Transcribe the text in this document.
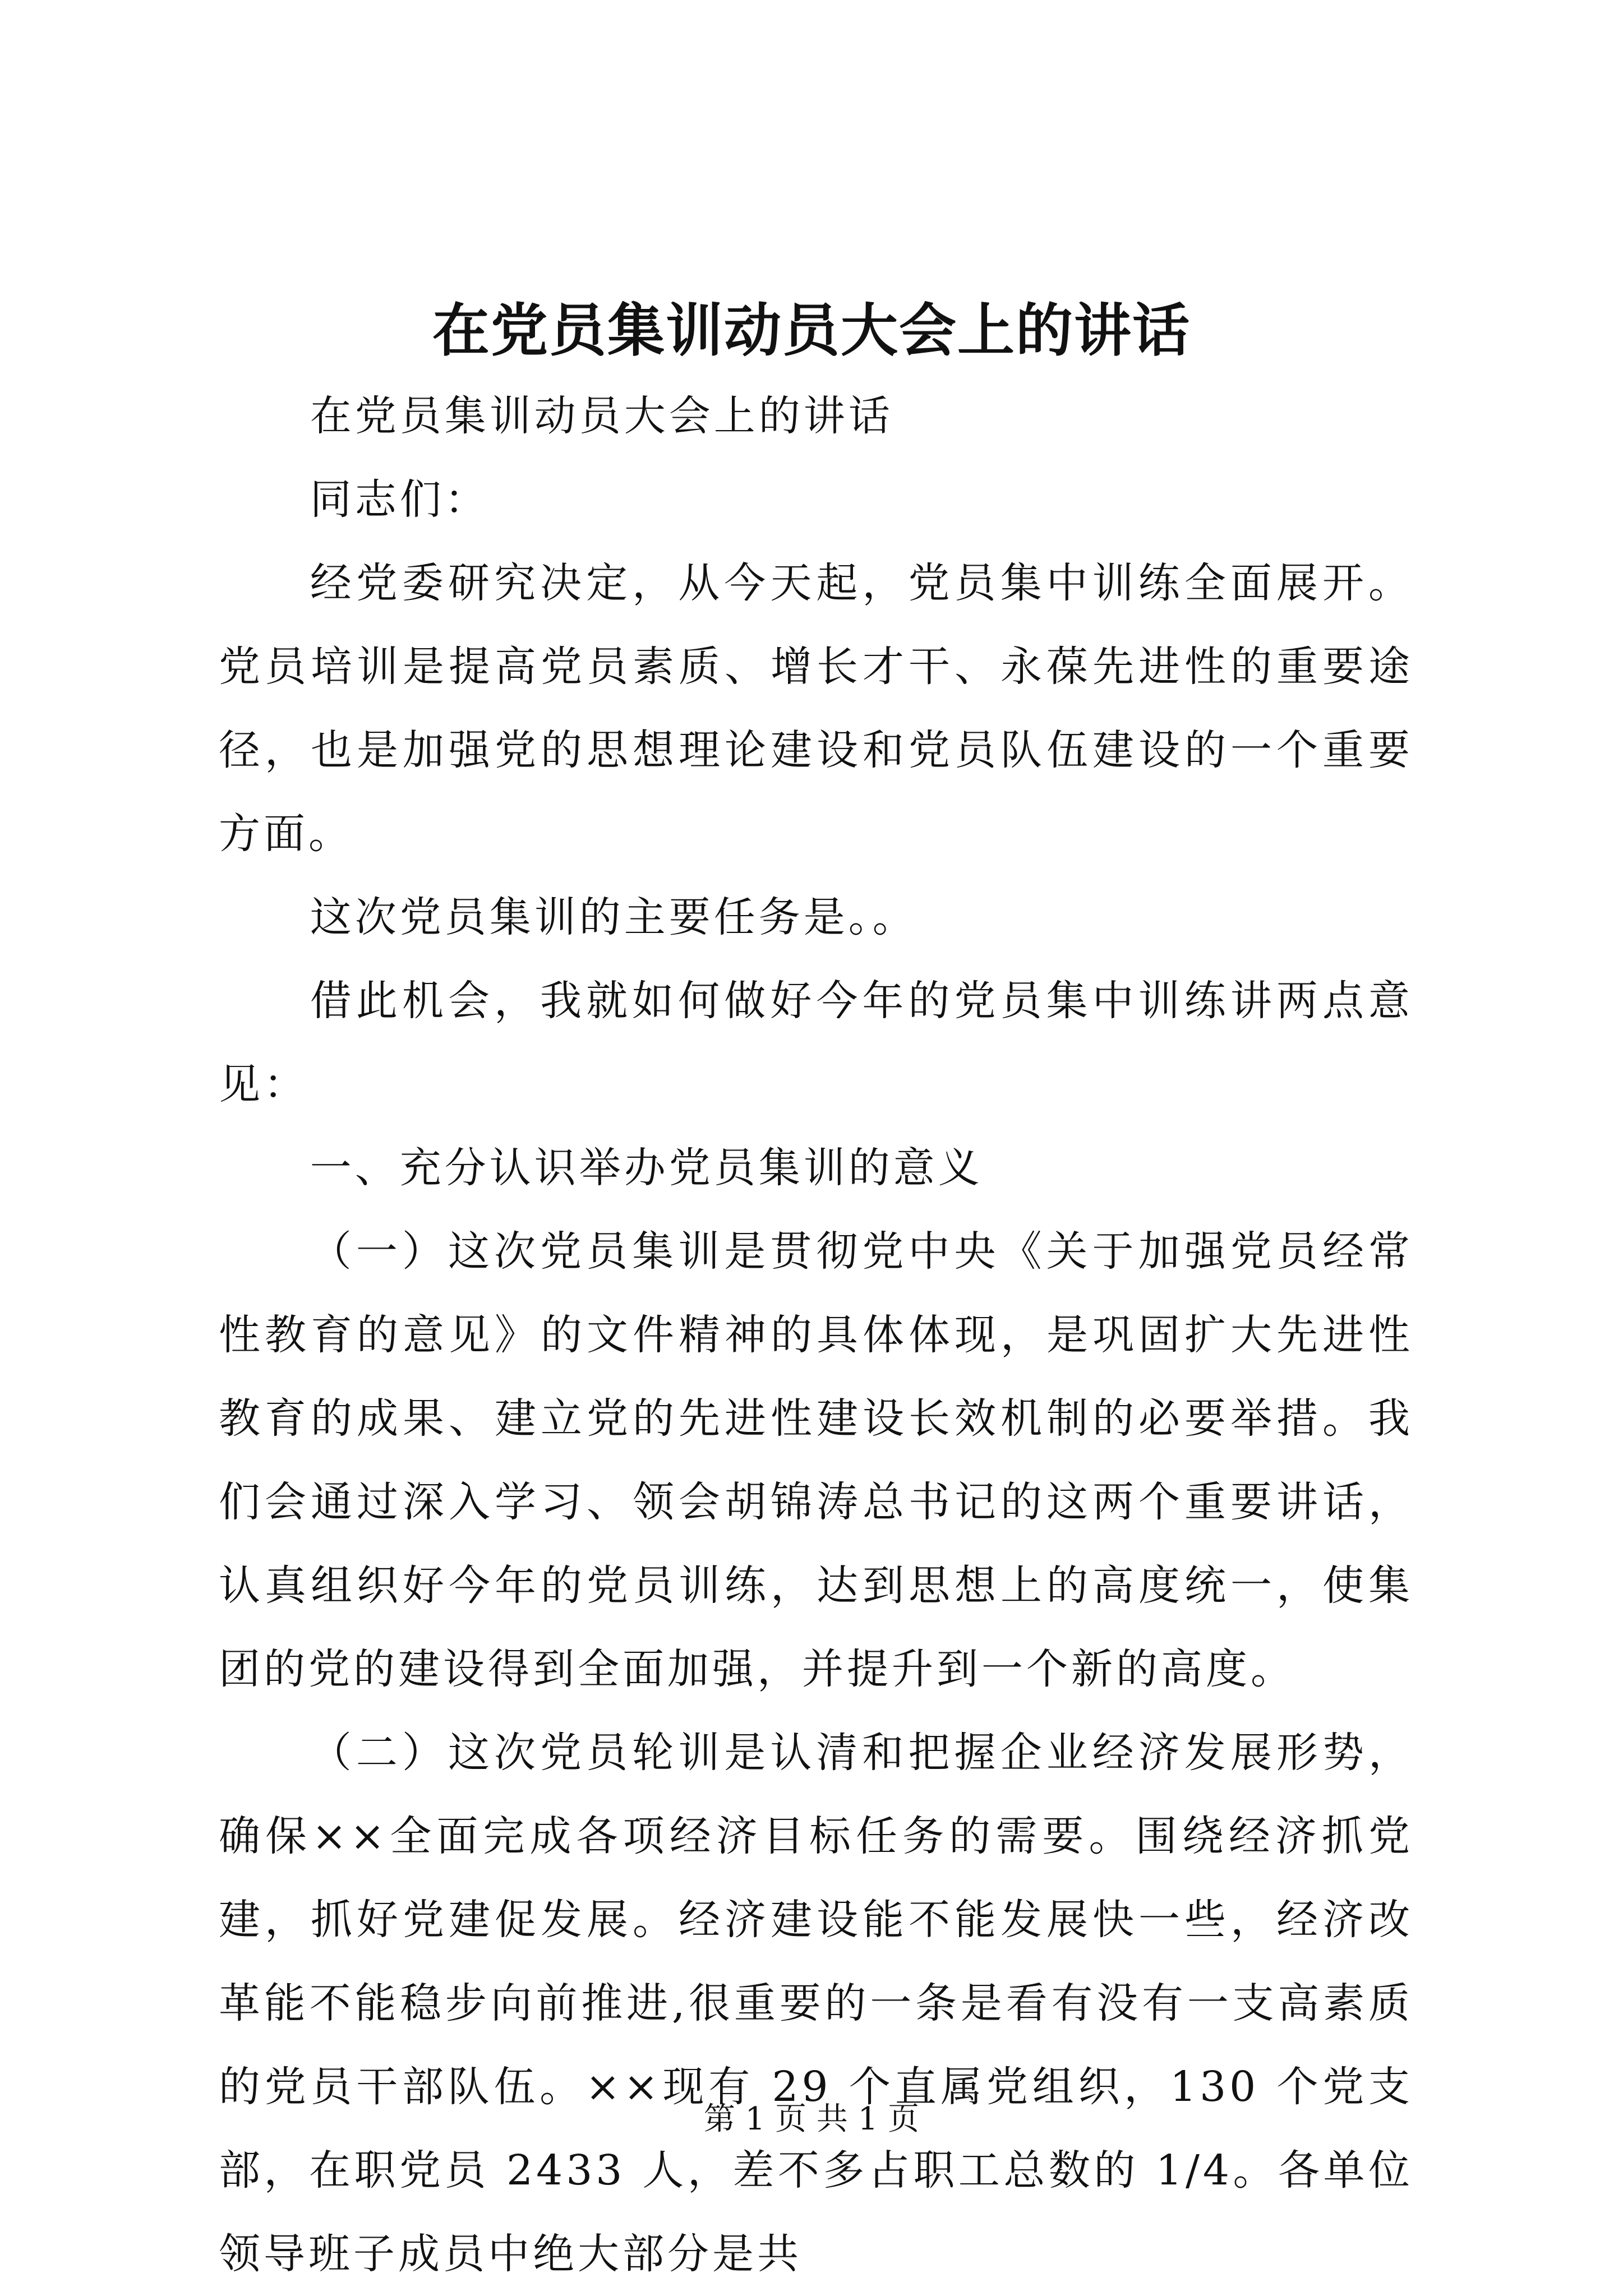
在党员集训动员大会上的讲话

在党员集训动员大会上的讲话

同志们：

经党委研究决定，从今天起，党员集中训练全面展开。党员培训是提高党员素质、增长才干、永葆先进性的重要途径，也是加强党的思想理论建设和党员队伍建设的一个重要方面。

这次党员集训的主要任务是。。

借此机会，我就如何做好今年的党员集中训练讲两点意见：

一、充分认识举办党员集训的意义

（一）这次党员集训是贯彻党中央《关于加强党员经常性教育的意见》的文件精神的具体体现，是巩固扩大先进性教育的成果、建立党的先进性建设长效机制的必要举措。我们会通过深入学习、领会胡锦涛总书记的这两个重要讲话，认真组织好今年的党员训练，达到思想上的高度统一，使集团的党的建设得到全面加强，并提升到一个新的高度。

（二）这次党员轮训是认清和把握企业经济发展形势，确保××全面完成各项经济目标任务的需要。围绕经济抓党建，抓好党建促发展。经济建设能不能发展快一些，经济改革能不能稳步向前推进,很重要的一条是看有没有一支高素质的党员干部队伍。××现有 29 个直属党组织，130 个党支部，在职党员 2433 人，差不多占职工总数的 1/4。各单位领导班子成员中绝大部分是共

第 1 页 共 1 页
